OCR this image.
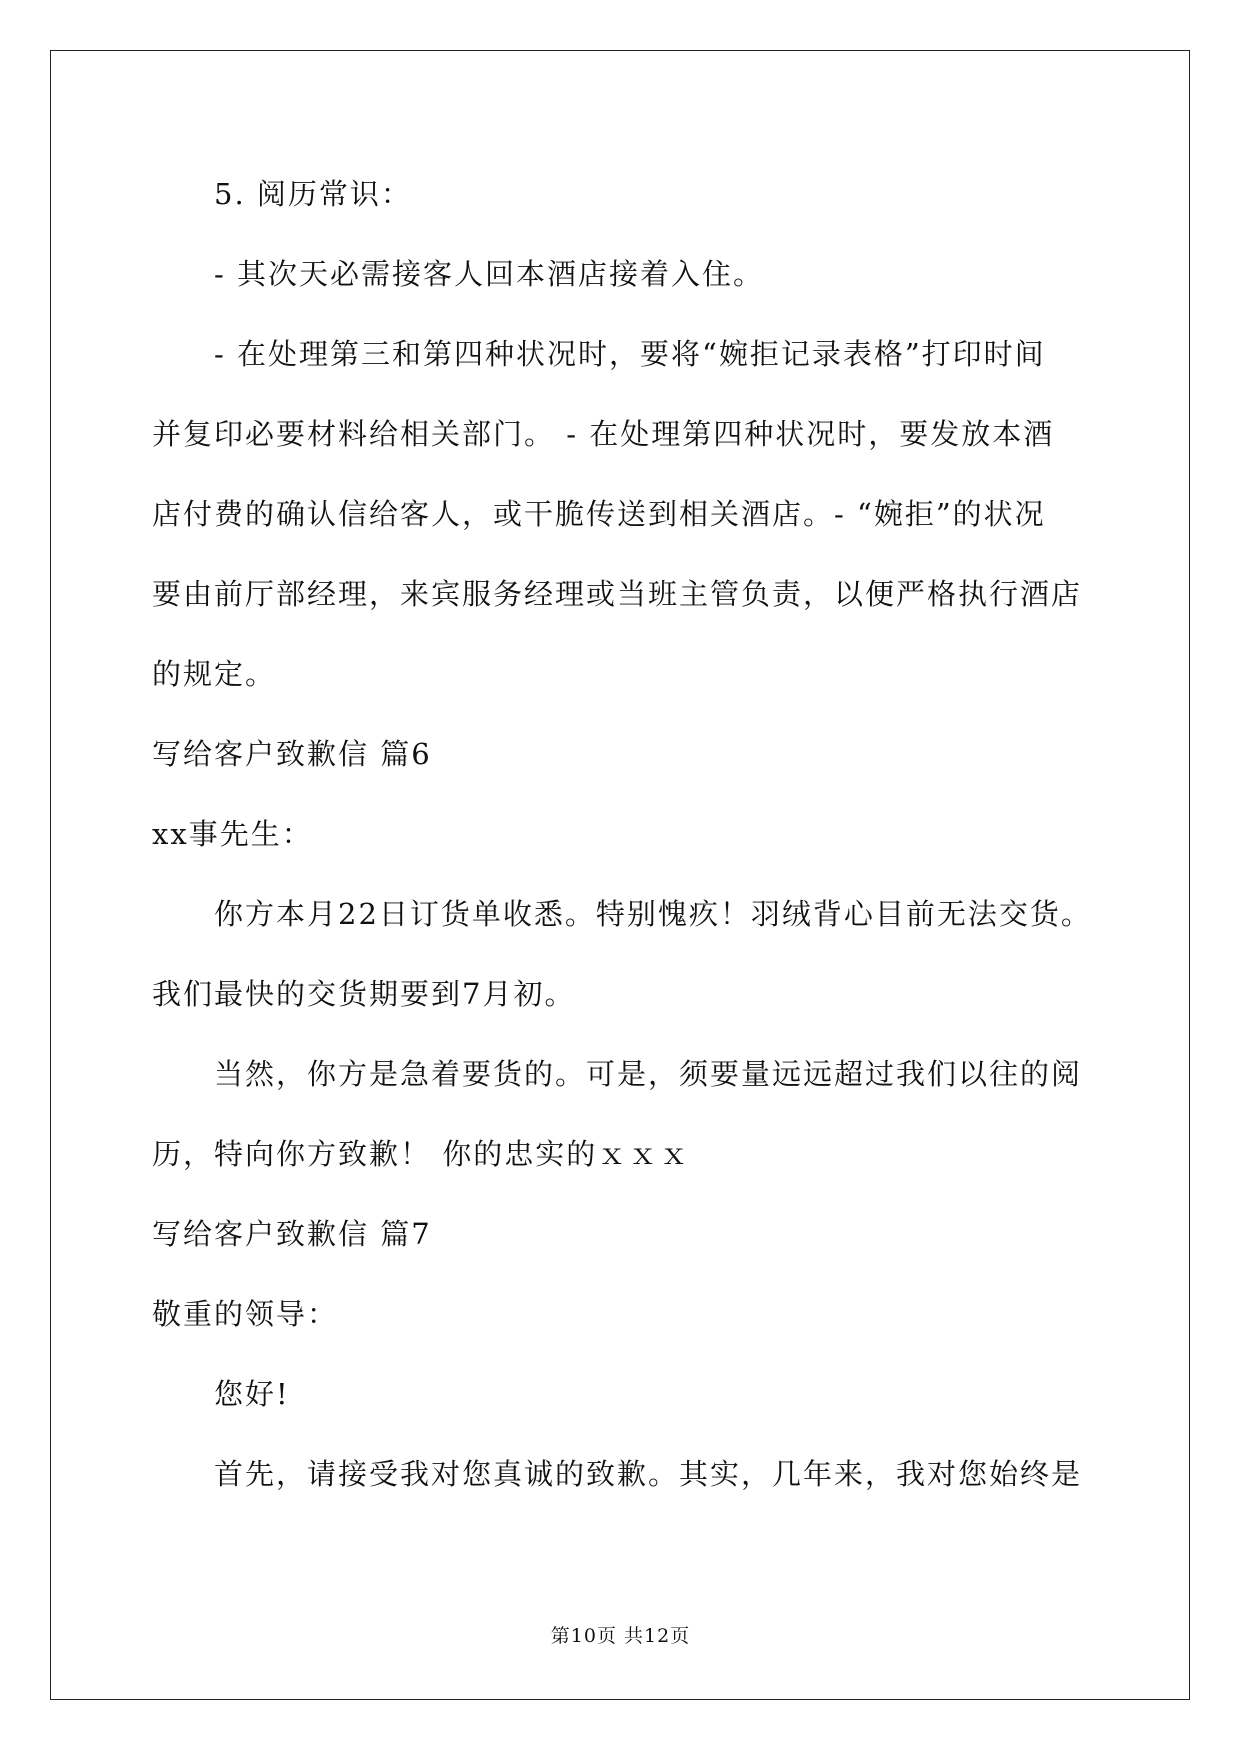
5. 阅历常识：
- 其次天必需接客人回本酒店接着入住。
- 在处理第三和第四种状况时，要将“婉拒记录表格”打印时间
并复印必要材料给相关部门。 - 在处理第四种状况时，要发放本酒
店付费的确认信给客人，或干脆传送到相关酒店。- “婉拒”的状况
要由前厅部经理，来宾服务经理或当班主管负责，以便严格执行酒店
的规定。
写给客户致歉信 篇6
xx事先生：
你方本月22日订货单收悉。特别愧疚！羽绒背心目前无法交货。
我们最快的交货期要到7月初。
当然，你方是急着要货的。可是，须要量远远超过我们以往的阅
历，特向你方致歉！ 你的忠实的ｘｘｘ
写给客户致歉信 篇7
敬重的领导：
您好!
首先，请接受我对您真诚的致歉。其实，几年来，我对您始终是
第10页 共12页
